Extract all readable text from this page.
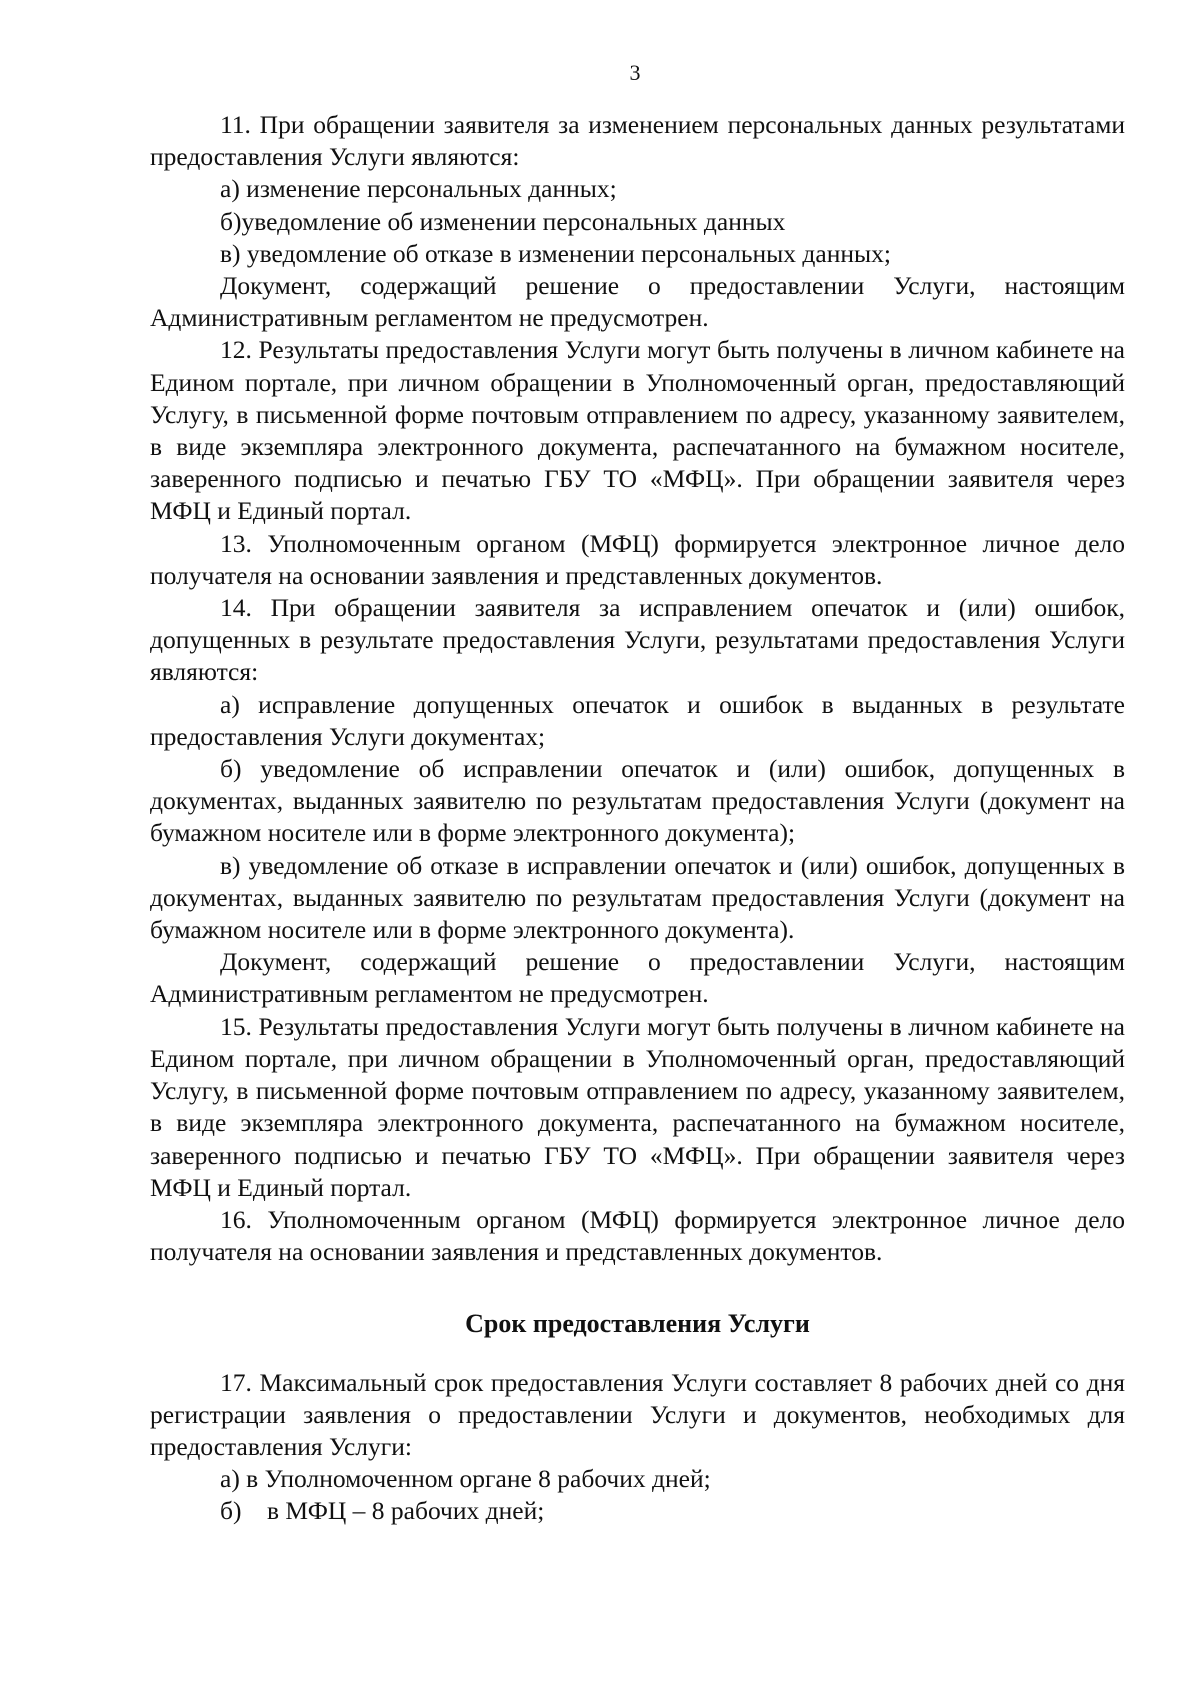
3

11. При обращении заявителя за изменением персональных данных результатами предоставления Услуги являются:

а) изменение персональных данных;

б)уведомление об изменении персональных данных

в) уведомление об отказе в изменении персональных данных;

Документ, содержащий решение о предоставлении Услуги, настоящим Административным регламентом не предусмотрен.

12. Результаты предоставления Услуги могут быть получены в личном кабинете на Едином портале, при личном обращении в Уполномоченный орган, предоставляющий Услугу, в письменной форме почтовым отправлением по адресу, указанному заявителем, в виде экземпляра электронного документа, распечатанного на бумажном носителе, заверенного подписью и печатью ГБУ ТО «МФЦ». При обращении заявителя через МФЦ и Единый портал.

13. Уполномоченным органом (МФЦ) формируется электронное личное дело получателя на основании заявления и представленных документов.

14. При обращении заявителя за исправлением опечаток и (или) ошибок, допущенных в результате предоставления Услуги, результатами предоставления Услуги являются:

а) исправление допущенных опечаток и ошибок в выданных в результате предоставления Услуги документах;

б) уведомление об исправлении опечаток и (или) ошибок, допущенных в документах, выданных заявителю по результатам предоставления Услуги (документ на бумажном носителе или в форме электронного документа);

в) уведомление об отказе в исправлении опечаток и (или) ошибок, допущенных в документах, выданных заявителю по результатам предоставления Услуги (документ на бумажном носителе или в форме электронного документа).

Документ, содержащий решение о предоставлении Услуги, настоящим Административным регламентом не предусмотрен.

15. Результаты предоставления Услуги могут быть получены в личном кабинете на Едином портале, при личном обращении в Уполномоченный орган, предоставляющий Услугу, в письменной форме почтовым отправлением по адресу, указанному заявителем, в виде экземпляра электронного документа, распечатанного на бумажном носителе, заверенного подписью и печатью ГБУ ТО «МФЦ». При обращении заявителя через МФЦ и Единый портал.

16. Уполномоченным органом (МФЦ) формируется электронное личное дело получателя на основании заявления и представленных документов.

Срок предоставления Услуги

17. Максимальный срок предоставления Услуги составляет 8 рабочих дней со дня регистрации заявления о предоставлении Услуги и документов, необходимых для предоставления Услуги:

а) в Уполномоченном органе 8 рабочих дней;

б)    в МФЦ – 8 рабочих дней;
